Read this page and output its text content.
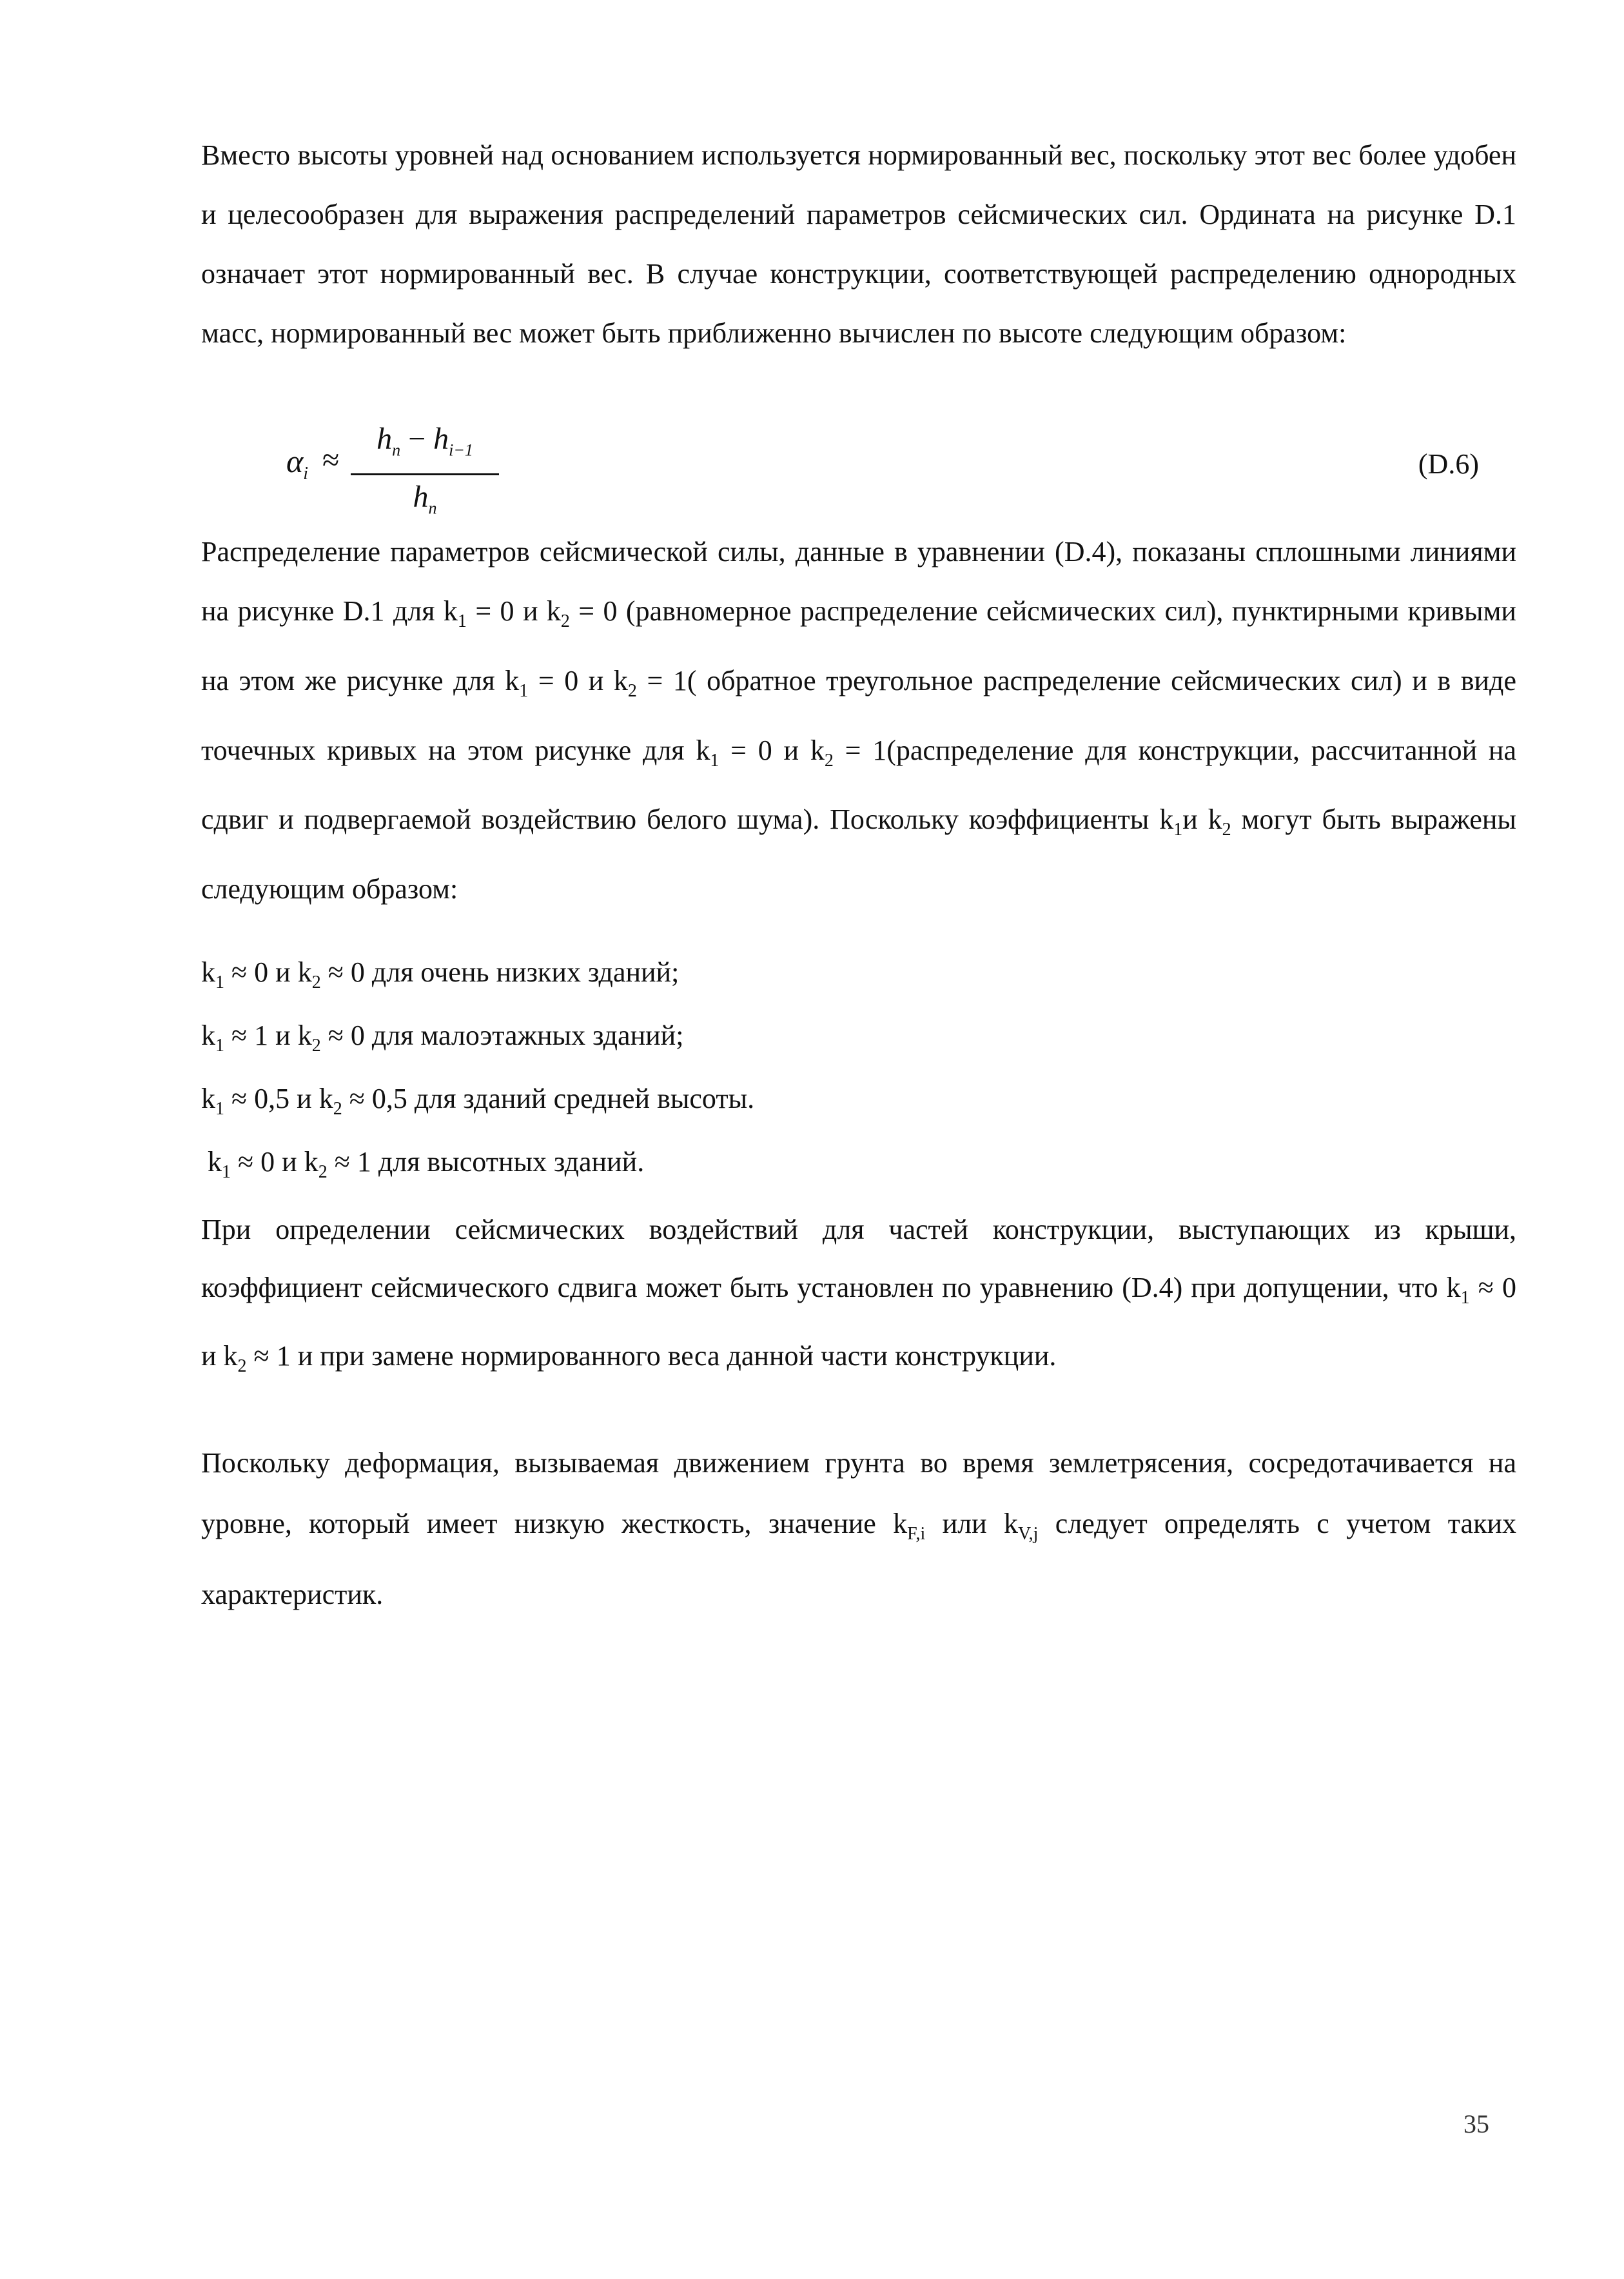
Вместо высоты уровней над основанием используется нормированный вес, поскольку этот вес более удобен и целесообразен для выражения распределений параметров сейсмических сил. Ордината на рисунке D.1 означает этот нормированный вес. В случае конструкции, соответствующей распределению однородных масс, нормированный вес может быть приближенно вычислен по высоте следующим образом:

$\alpha_i$ ≈
$h_n - h_{i-1}$
$h_n$
(D.6)

Распределение параметров сейсмической силы, данные в уравнении (D.4), показаны сплошными линиями на рисунке D.1 для $k_1 = 0$ и $k_2 = 0$ (равномерное распределение сейсмических сил), пунктирными кривыми на этом же рисунке для $k_1 = 0$ и $k_2 = 1$( обратное треугольное распределение сейсмических сил) и в виде точечных кривых на этом рисунке для $k_1 = 0$ и $k_2$ = 1(распределение для конструкции, рассчитанной на сдвиг и подвергаемой воздействию белого шума). Поскольку коэффициенты $k_1и$ $k_2$ могут быть выражены следующим образом:

$k_1 \approx 0$ и $k_2 \approx 0$ для очень низких зданий;
$k_1 \approx 1$ и $k_2 \approx 0$ для малоэтажных зданий;
$k_1 \approx 0,5$ и $k_2 \approx 0,5$ для зданий средней высоты.
$k_1 \approx 0$ и $k_2 \approx 1$ для высотных зданий.

При определении сейсмических воздействий для частей конструкции, выступающих из крыши, коэффициент сейсмического сдвига может быть установлен по уравнению (D.4) при допущении, что $k_1 \approx 0$ и $k_2 \approx 1$ и при замене нормированного веса данной части конструкции.

Поскольку деформация, вызываемая движением грунта во время землетрясения, сосредотачивается на уровне, который имеет низкую жесткость, значение $k_{F,i}$ или $k_{V,j}$ следует определять с учетом таких характеристик.

35
